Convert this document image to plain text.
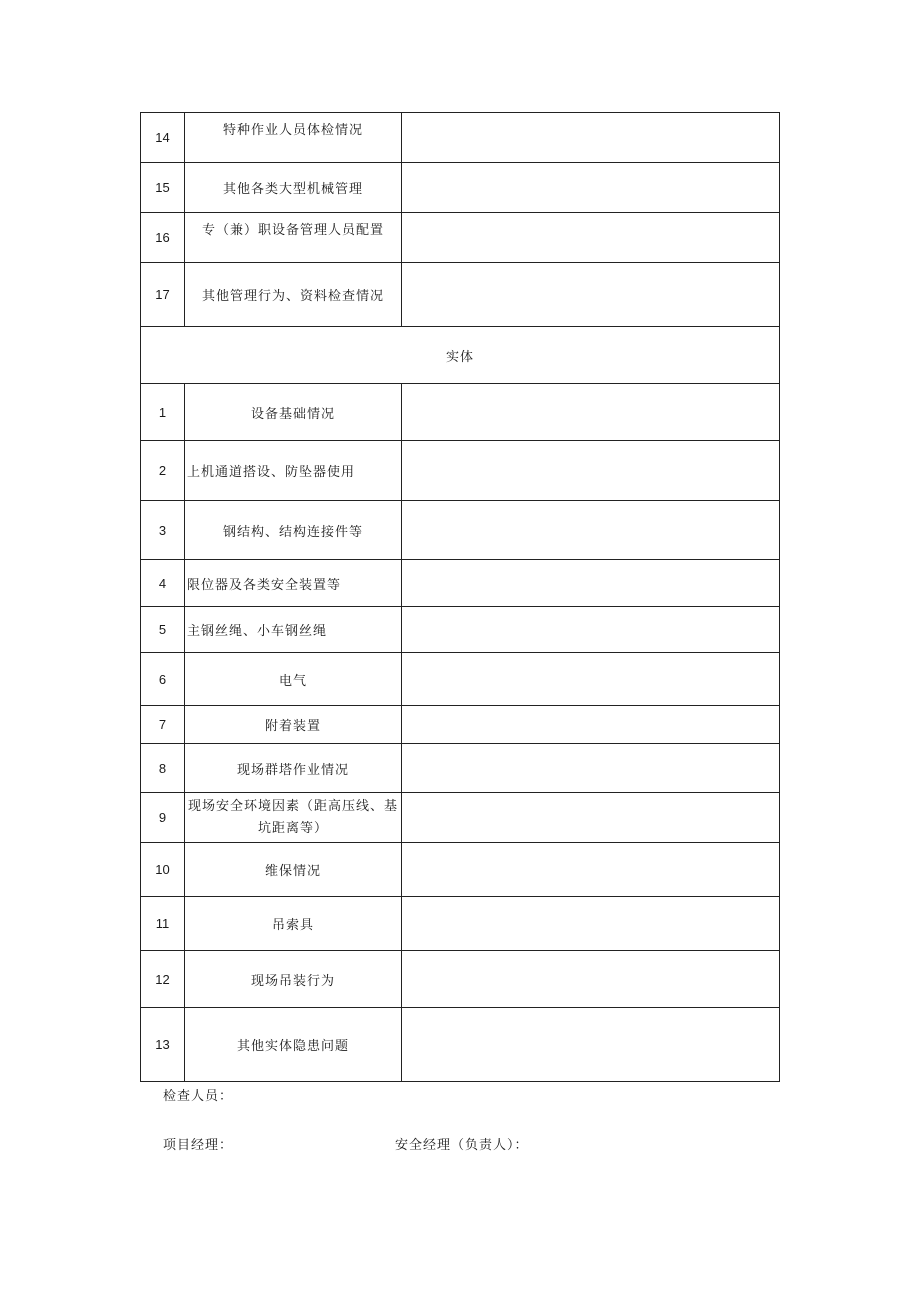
14	特种作业人员体检情况	
15	其他各类大型机械管理	
16	专（兼）职设备管理人员配置	
17	其他管理行为、资料检查情况	
实体		
1	设备基础情况	
2	上机通道搭设、防坠器使用	
3	钢结构、结构连接件等	
4	限位器及各类安全装置等	
5	主钢丝绳、小车钢丝绳	
6	电气	
7	附着装置	
8	现场群塔作业情况	
9	现场安全环境因素（距高压线、基坑距离等）	
10	维保情况	
11	吊索具	
12	现场吊装行为	
13	其他实体隐患问题	
检查人员：
项目经理：	安全经理（负责人）：
